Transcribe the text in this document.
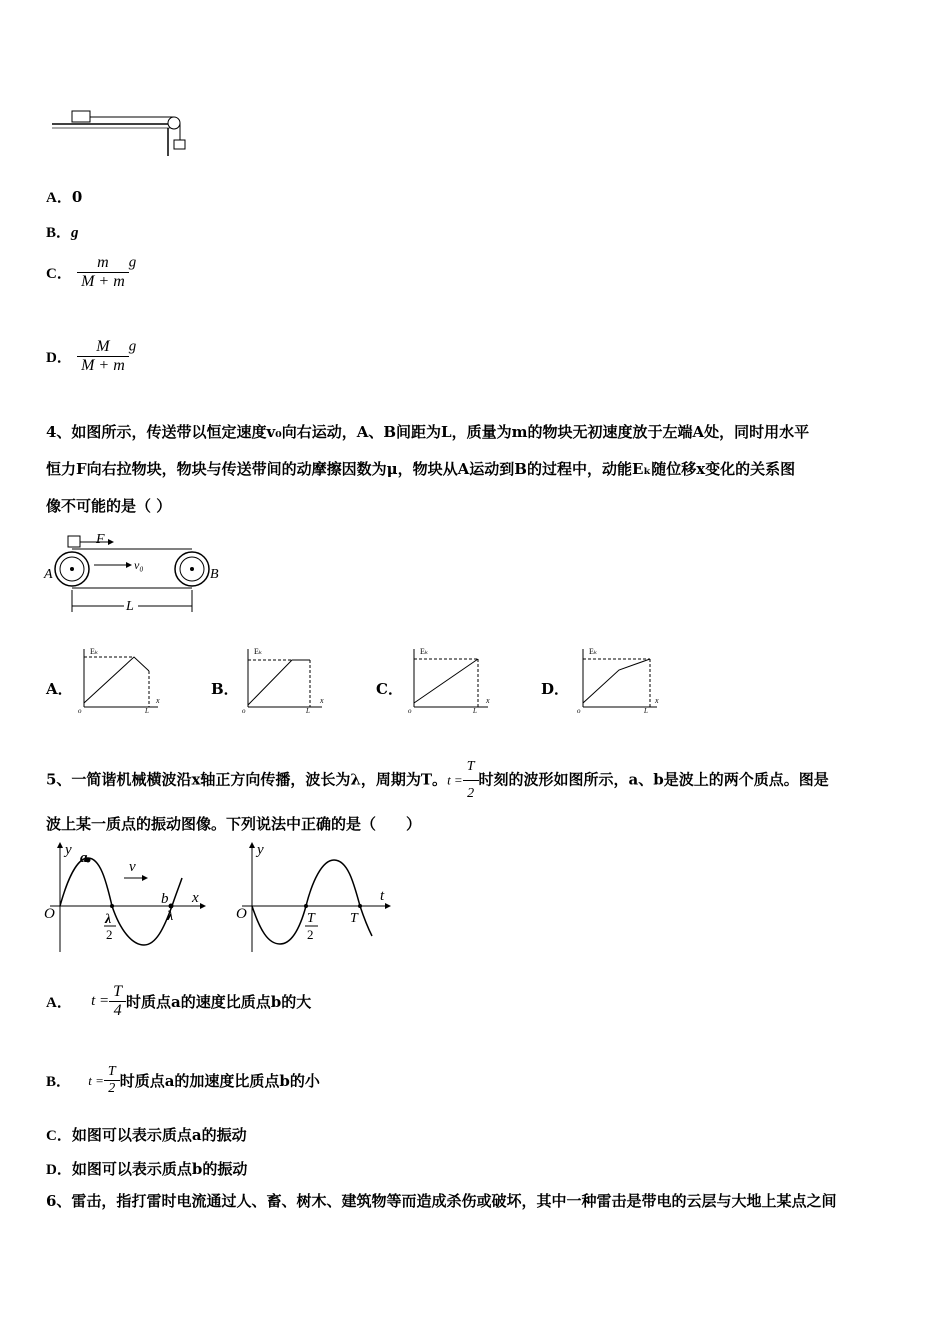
A．0
B．g
C． $\frac{m}{M + m}$ g
D． $\frac{M}{M + m}$ g
4、如图所示，传送带以恒定速度v₀向右运动，A、B间距为L，质量为m的物块无初速度放于左端A处，同时用水平
恒力F向右拉物块，物块与传送带间的动摩擦因数为μ，物块从A运动到B的过程中，动能Eₖ随位移x变化的关系图
像不可能的是（ ）
F
v₀
A	B
L
A．
Eₖ
x
o	L
B．
Eₖ
x
o	L
C．
Eₖ
x
o	L
D．
Eₖ
x
o	L
5、一简谐机械横波沿x轴正方向传播，波长为λ，周期为T。$t = \frac{T}{2}$ 时刻的波形如图所示，a、b是波上的两个质点。图是
波上某一质点的振动图像。下列说法中正确的是（　　）
y
x
O
a
b
v
λ
2
λ
y
t
O	T
2
T
A． $t = \frac{T}{4}$ 时质点a的速度比质点b的大
B． $t = \frac{T}{2}$ 时质点a的加速度比质点b的小
C．如图可以表示质点a的振动
D．如图可以表示质点b的振动
6、雷击，指打雷时电流通过人、畜、树木、建筑物等而造成杀伤或破坏，其中一种雷击是带电的云层与大地上某点之间
